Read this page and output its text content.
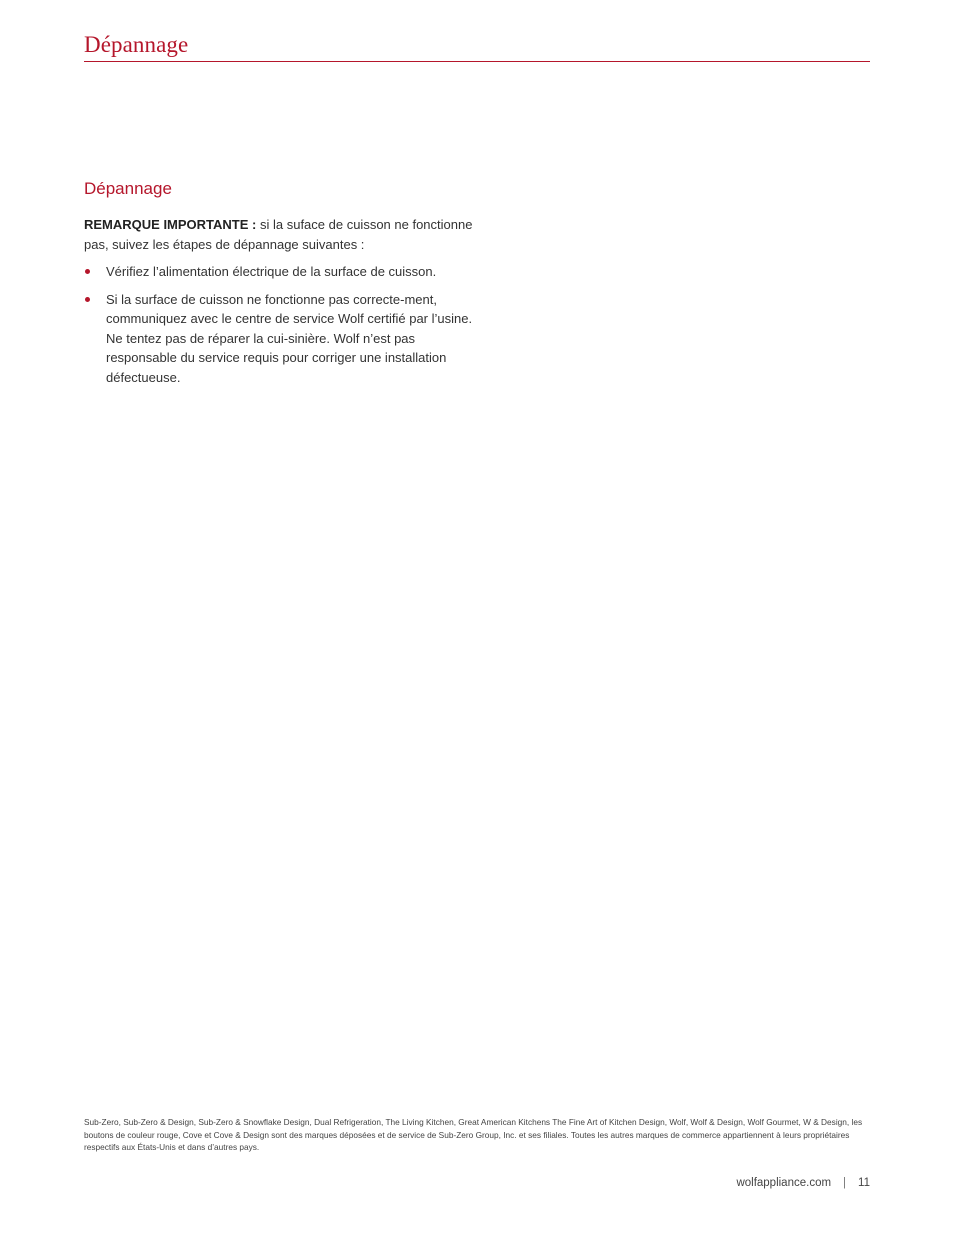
Dépannage
Dépannage

REMARQUE IMPORTANTE : si la suface de cuisson ne fonctionne pas, suivez les étapes de dépannage suivantes :

Vérifiez l’alimentation électrique de la surface de cuisson.
Si la surface de cuisson ne fonctionne pas correcte-ment, communiquez avec le centre de service Wolf certifié par l’usine. Ne tentez pas de réparer la cui-sinière. Wolf n’est pas responsable du service requis pour corriger une installation défectueuse.

Sub-Zero, Sub-Zero & Design, Sub-Zero & Snowflake Design, Dual Refrigeration, The Living Kitchen, Great American Kitchens The Fine Art of Kitchen Design, Wolf, Wolf & Design, Wolf Gourmet, W & Design, les boutons de couleur rouge, Cove et Cove & Design sont des marques déposées et de service de Sub-Zero Group, Inc. et ses filiales. Toutes les autres marques de commerce appartiennent à leurs propriétaires respectifs aux États-Unis et dans d’autres pays.

wolfappliance.com | 11
